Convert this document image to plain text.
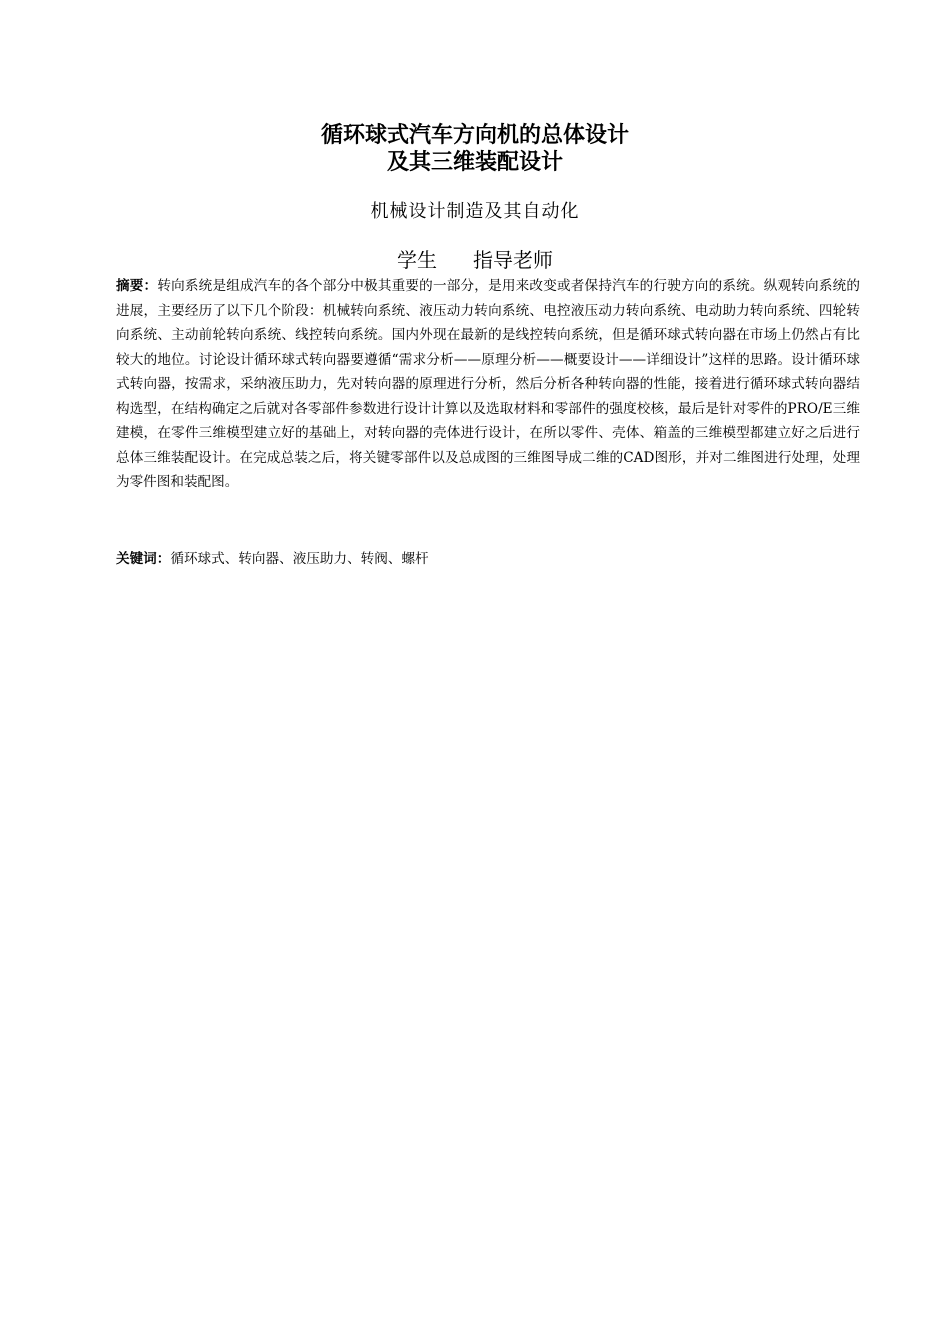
循环球式汽车方向机的总体设计
及其三维装配设计
机械设计制造及其自动化
学生 指导老师
摘要：转向系统是组成汽车的各个部分中极其重要的一部分，是用来改变或者保持汽车的行驶方向的系统。纵观转向系统的进展，主要经历了以下几个阶段：机械转向系统、液压动力转向系统、电控液压动力转向系统、电动助力转向系统、四轮转向系统、主动前轮转向系统、线控转向系统。国内外现在最新的是线控转向系统，但是循环球式转向器在市场上仍然占有比较大的地位。讨论设计循环球式转向器要遵循“需求分析——原理分析——概要设计——详细设计”这样的思路。设计循环球式转向器，按需求，采纳液压助力，先对转向器的原理进行分析，然后分析各种转向器的性能，接着进行循环球式转向器结构选型，在结构确定之后就对各零部件参数进行设计计算以及选取材料和零部件的强度校核，最后是针对零件的PRO/E三维建模，在零件三维模型建立好的基础上，对转向器的壳体进行设计，在所以零件、壳体、箱盖的三维模型都建立好之后进行总体三维装配设计。在完成总装之后，将关键零部件以及总成图的三维图导成二维的CAD图形，并对二维图进行处理，处理为零件图和装配图。
关键词：循环球式、转向器、液压助力、转阀、螺杆
